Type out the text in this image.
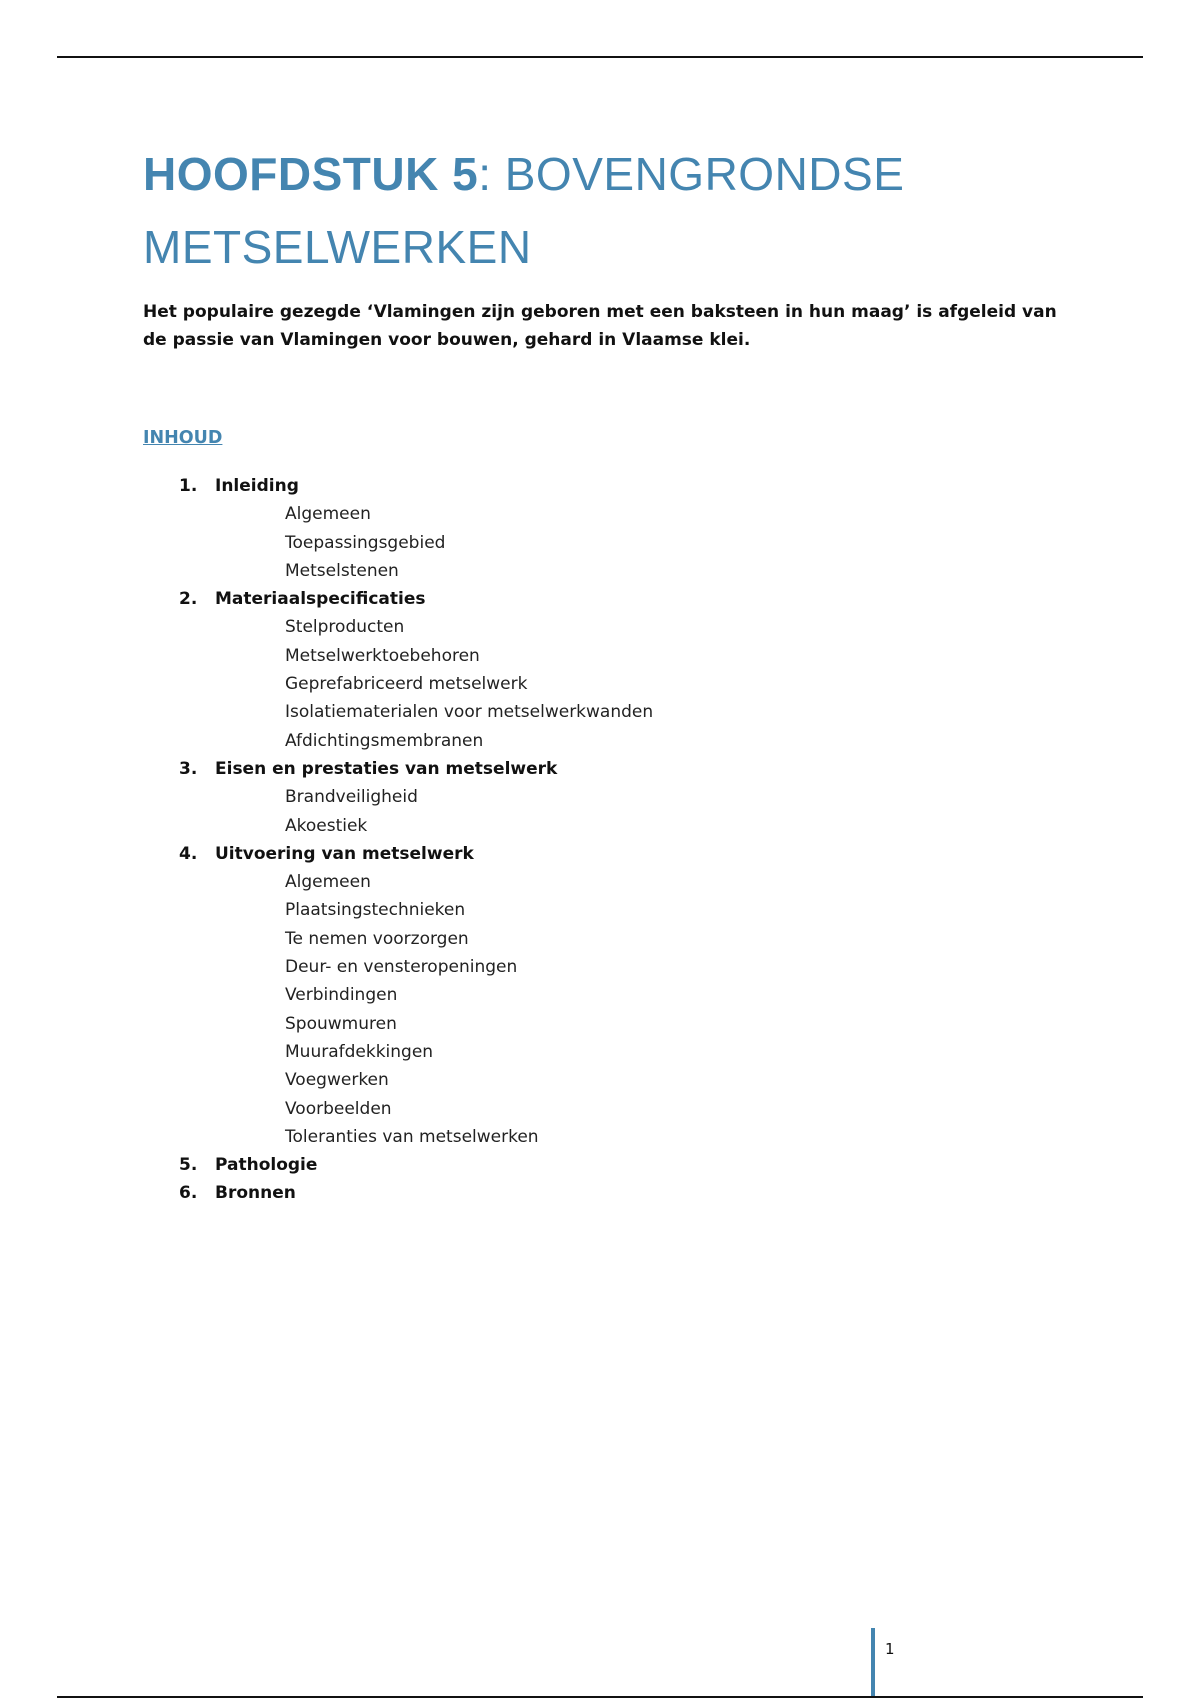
HOOFDSTUK 5: BOVENGRONDSE METSELWERKEN

Het populaire gezegde ‘Vlamingen zijn geboren met een baksteen in hun maag’ is afgeleid van de passie van Vlamingen voor bouwen, gehard in Vlaamse klei.

INHOUD
1. Inleiding
Algemeen
Toepassingsgebied
Metselstenen
2. Materiaalspecificaties
Stelproducten
Metselwerktoebehoren
Geprefabriceerd metselwerk
Isolatiematerialen voor metselwerkwanden
Afdichtingsmembranen
3. Eisen en prestaties van metselwerk
Brandveiligheid
Akoestiek
4. Uitvoering van metselwerk
Algemeen
Plaatsingstechnieken
Te nemen voorzorgen
Deur- en vensteropeningen
Verbindingen
Spouwmuren
Muurafdekkingen
Voegwerken
Voorbeelden
Toleranties van metselwerken
5. Pathologie
6. Bronnen
1
